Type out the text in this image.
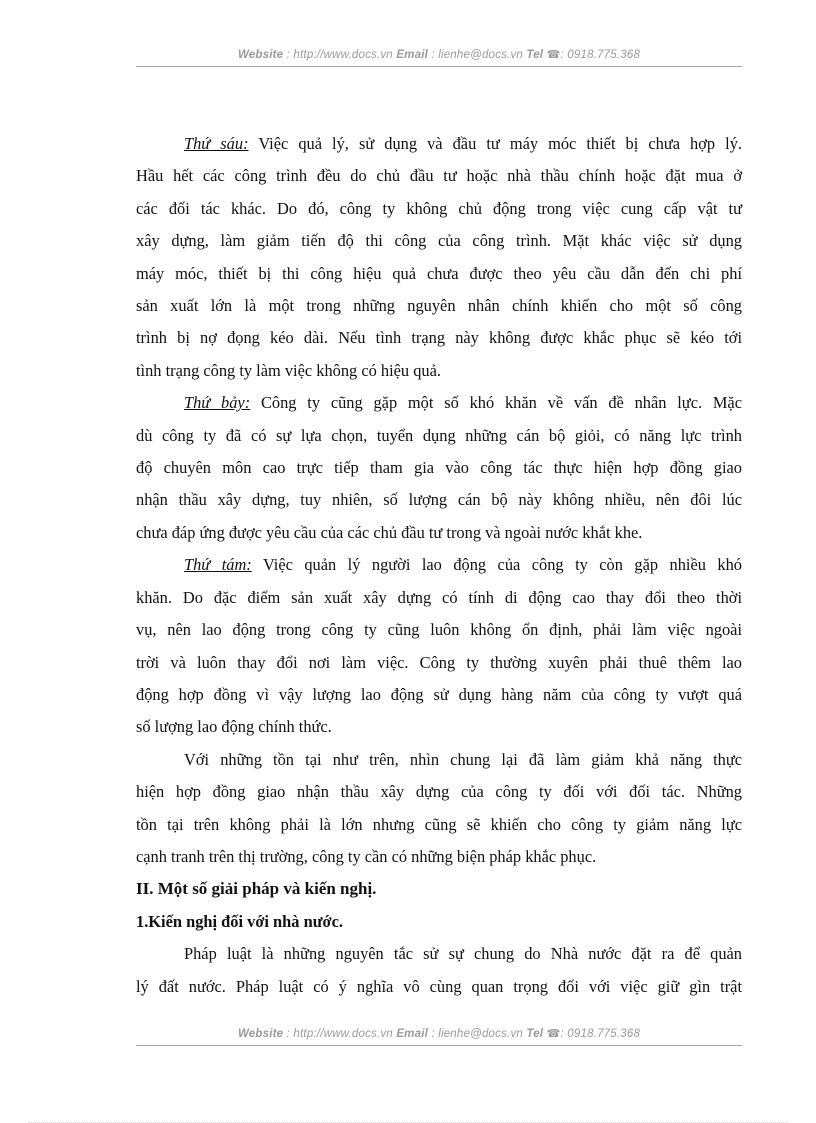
Website : http://www.docs.vn Email : lienhe@docs.vn Tel ☎: 0918.775.368
Thứ sáu: Việc quả lý, sử dụng và đầu tư máy móc thiết bị chưa hợp lý.
Hầu hết các công trình đều do chủ đầu tư hoặc nhà thầu chính hoặc đặt mua ở
các đối tác khác. Do đó, công ty không chủ động trong việc cung cấp vật tư
xây dựng, làm giảm tiến độ thi công của công trình. Mặt khác việc sử dụng
máy móc, thiết bị thi công hiệu quả chưa được theo yêu cầu dẫn đến chi phí
sản xuất lớn là một trong những nguyên nhân chính khiến cho một số công
trình bị nợ đọng kéo dài. Nếu tình trạng này không được khắc phục sẽ kéo tới
tình trạng công ty làm việc không có hiệu quả.
Thứ bảy: Công ty cũng gặp một số khó khăn về vấn đề nhân lực. Mặc
dù công ty đã có sự lựa chọn, tuyển dụng những cán bộ giỏi, có năng lực trình
độ chuyên môn cao trực tiếp tham gia vào công tác thực hiện hợp đồng giao
nhận thầu xây dựng, tuy nhiên, số lượng cán bộ này không nhiều, nên đôi lúc
chưa đáp ứng được yêu cầu của các chủ đầu tư trong và ngoài nước khắt khe.
Thứ tám: Việc quản lý người lao động của công ty còn gặp nhiều khó
khăn. Do đặc điểm sản xuất xây dựng có tính di động cao thay đổi theo thời
vụ, nên lao động trong công ty cũng luôn không ổn định, phải làm việc ngoài
trời và luôn thay đổi nơi làm việc. Công ty thường xuyên phải thuê thêm lao
động hợp đồng vì vậy lượng lao động sử dụng hàng năm của công ty vượt quá
số lượng lao động chính thức.
Với những tồn tại như trên, nhìn chung lại đã làm giảm khả năng thực
hiện hợp đồng giao nhận thầu xây dựng của công ty đối với đối tác. Những
tồn tại trên không phải là lớn nhưng cũng sẽ khiến cho công ty giảm năng lực
cạnh tranh trên thị trường, công ty cần có những biện pháp khắc phục.
II. Một số giải pháp và kiến nghị.
1.Kiến nghị đối với nhà nước.
Pháp luật là những nguyên tắc sử sự chung do Nhà nước đặt ra để quản
lý đất nước. Pháp luật có ý nghĩa vô cùng quan trọng đối với việc giữ gìn trật
Website : http://www.docs.vn Email : lienhe@docs.vn Tel ☎: 0918.775.368
